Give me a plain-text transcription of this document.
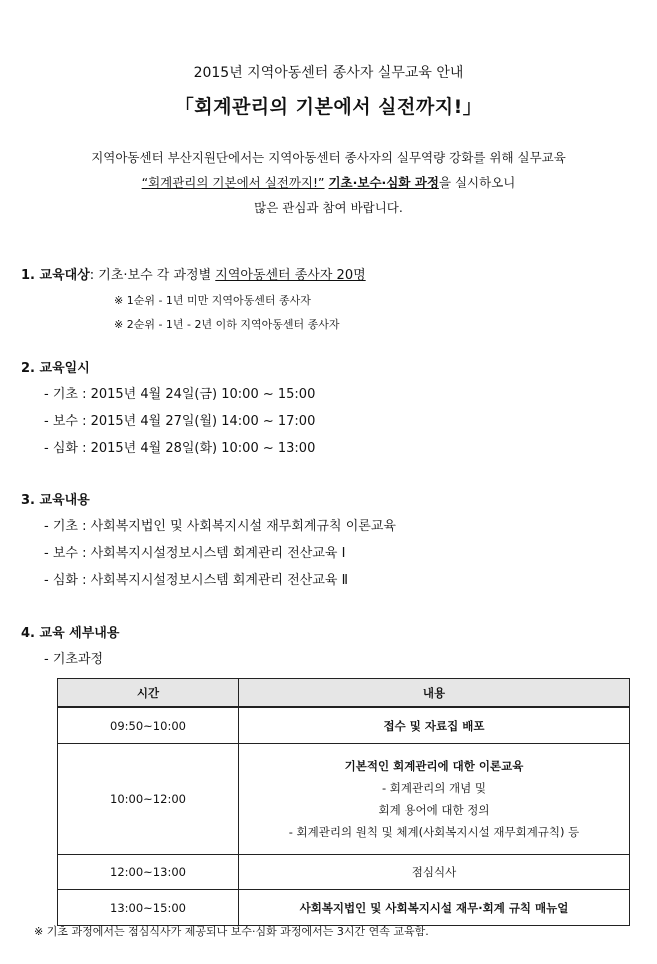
2015년 지역아동센터 종사자 실무교육 안내
「회계관리의 기본에서 실전까지!」
지역아동센터 부산지원단에서는 지역아동센터 종사자의 실무역량 강화를 위해 실무교육
“회계관리의 기본에서 실전까지!” 기초·보수·심화 과정을 실시하오니
많은 관심과 참여 바랍니다.
1. 교육대상: 기초·보수 각 과정별 지역아동센터 종사자 20명
※ 1순위 - 1년 미만 지역아동센터 종사자
※ 2순위 - 1년 - 2년 이하 지역아동센터 종사자
2. 교육일시
- 기초 : 2015년 4월 24일(금) 10:00 ~ 15:00
- 보수 : 2015년 4월 27일(월) 14:00 ~ 17:00
- 심화 : 2015년 4월 28일(화) 10:00 ~ 13:00
3. 교육내용
- 기초 : 사회복지법인 및 사회복지시설 재무회계규칙 이론교육
- 보수 : 사회복지시설정보시스템 회계관리 전산교육 Ⅰ
- 심화 : 사회복지시설정보시스템 회계관리 전산교육 Ⅱ
4. 교육 세부내용
- 기초과정
시간	내용
09:50~10:00	접수 및 자료집 배포
10:00~12:00	기본적인 회계관리에 대한 이론교육
- 회계관리의 개념 및
회계 용어에 대한 정의
- 회계관리의 원칙 및 체계(사회복지시설 재무회계규칙) 등

12:00~13:00	점심식사
13:00~15:00	사회복지법인 및 사회복지시설 재무·회계 규칙 매뉴얼
※ 기초 과정에서는 점심식사가 제공되나 보수·심화 과정에서는 3시간 연속 교육함.
